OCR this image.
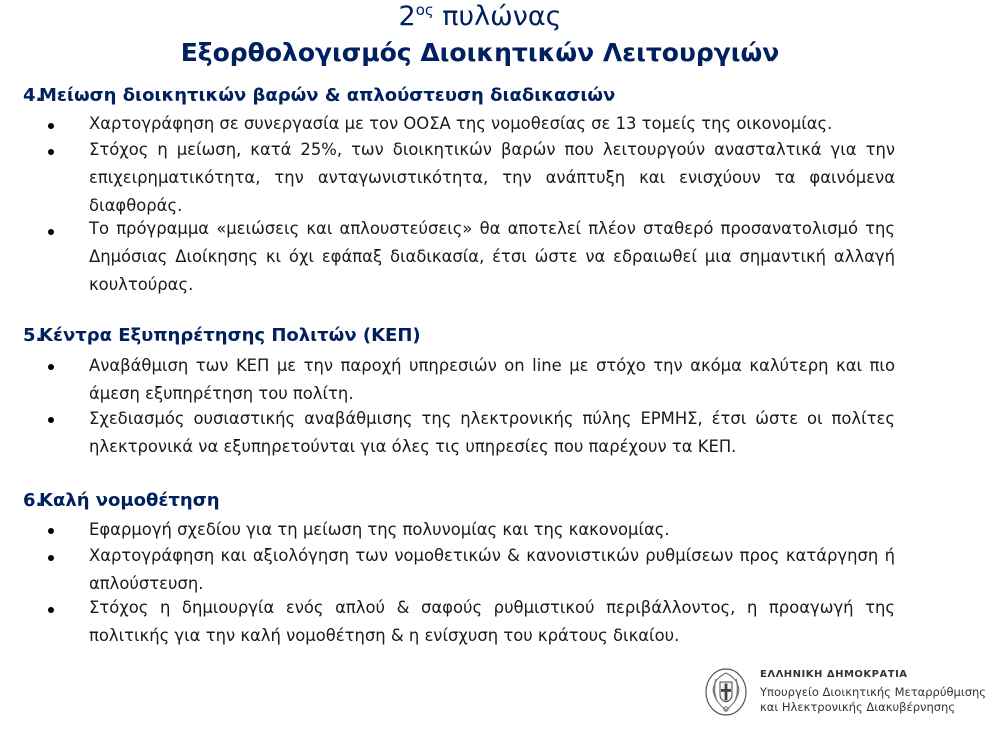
$2^{o\varsigma}$ πυλώνας
Εξορθολογισμός Διοικητικών Λειτουργιών
4.
Μείωση διοικητικών βαρών & απλούστευση διαδικασιών
Χαρτογράφηση σε συνεργασία με τον ΟΟΣΑ της νομοθεσίας σε 13 τομείς της οικονομίας.
Στόχος η μείωση, κατά 25%, των διοικητικών βαρών που λειτουργούν ανασταλτικά για την επιχειρηματικότητα, την ανταγωνιστικότητα, την ανάπτυξη και ενισχύουν τα φαινόμενα διαφθοράς.
Το πρόγραμμα «μειώσεις και απλουστεύσεις» θα αποτελεί πλέον σταθερό προσανατολισμό της Δημόσιας Διοίκησης κι όχι εφάπαξ διαδικασία, έτσι ώστε να εδραιωθεί μια σημαντική αλλαγή κουλτούρας.
5.
Κέντρα Εξυπηρέτησης Πολιτών (ΚΕΠ)
Αναβάθμιση των ΚΕΠ με την παροχή υπηρεσιών on line με στόχο την ακόμα καλύτερη και πιο άμεση εξυπηρέτηση του πολίτη.
Σχεδιασμός ουσιαστικής αναβάθμισης της ηλεκτρονικής πύλης ΕΡΜΗΣ, έτσι ώστε οι πολίτες ηλεκτρονικά να εξυπηρετούνται για όλες τις υπηρεσίες που παρέχουν τα ΚΕΠ.
6.
Καλή νομοθέτηση
Εφαρμογή σχεδίου για τη μείωση της πολυνομίας και της κακονομίας.
Χαρτογράφηση και αξιολόγηση των νομοθετικών & κανονιστικών ρυθμίσεων προς κατάργηση ή απλούστευση.
Στόχος η δημιουργία ενός απλού & σαφούς ρυθμιστικού περιβάλλοντος, η προαγωγή της πολιτικής για την καλή νομοθέτηση & η ενίσχυση του κράτους δικαίου.
ΕΛΛΗΝΙΚΗ ΔΗΜΟΚΡΑΤΙΑ
Υπουργείο Διοικητικής Μεταρρύθμισης
και Ηλεκτρονικής Διακυβέρνησης
